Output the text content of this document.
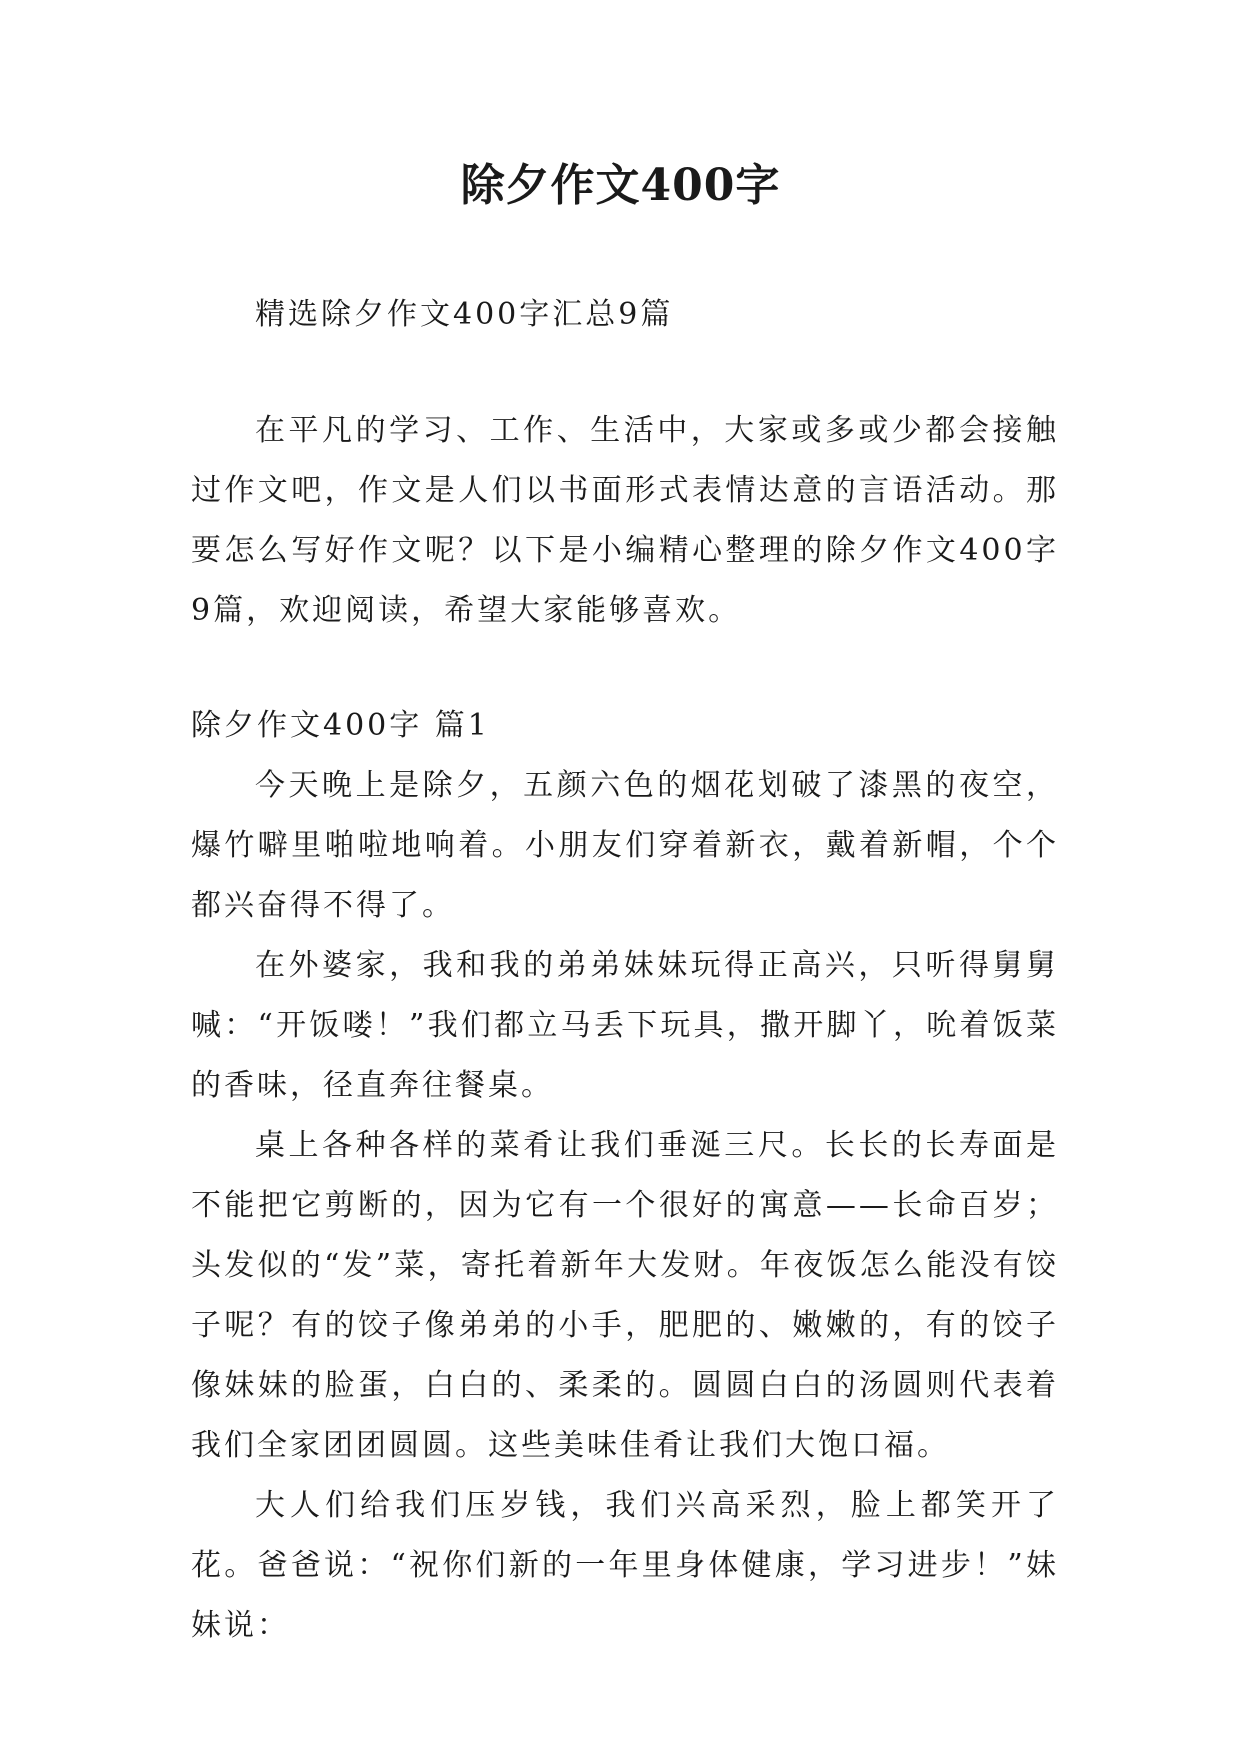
除夕作文400字

精选除夕作文400字汇总9篇

在平凡的学习、工作、生活中，大家或多或少都会接触过作文吧，作文是人们以书面形式表情达意的言语活动。那要怎么写好作文呢？以下是小编精心整理的除夕作文400字9篇，欢迎阅读，希望大家能够喜欢。

除夕作文400字 篇1

今天晚上是除夕，五颜六色的烟花划破了漆黑的夜空，爆竹噼里啪啦地响着。小朋友们穿着新衣，戴着新帽，个个都兴奋得不得了。

在外婆家，我和我的弟弟妹妹玩得正高兴，只听得舅舅喊：“开饭喽！”我们都立马丢下玩具，撒开脚丫，吮着饭菜的香味，径直奔往餐桌。

桌上各种各样的菜肴让我们垂涎三尺。长长的长寿面是不能把它剪断的，因为它有一个很好的寓意——长命百岁；头发似的“发”菜，寄托着新年大发财。年夜饭怎么能没有饺子呢？有的饺子像弟弟的小手，肥肥的、嫩嫩的，有的饺子像妹妹的脸蛋，白白的、柔柔的。圆圆白白的汤圆则代表着我们全家团团圆圆。这些美味佳肴让我们大饱口福。

大人们给我们压岁钱，我们兴高采烈，脸上都笑开了花。爸爸说：“祝你们新的一年里身体健康，学习进步！”妹妹说：
